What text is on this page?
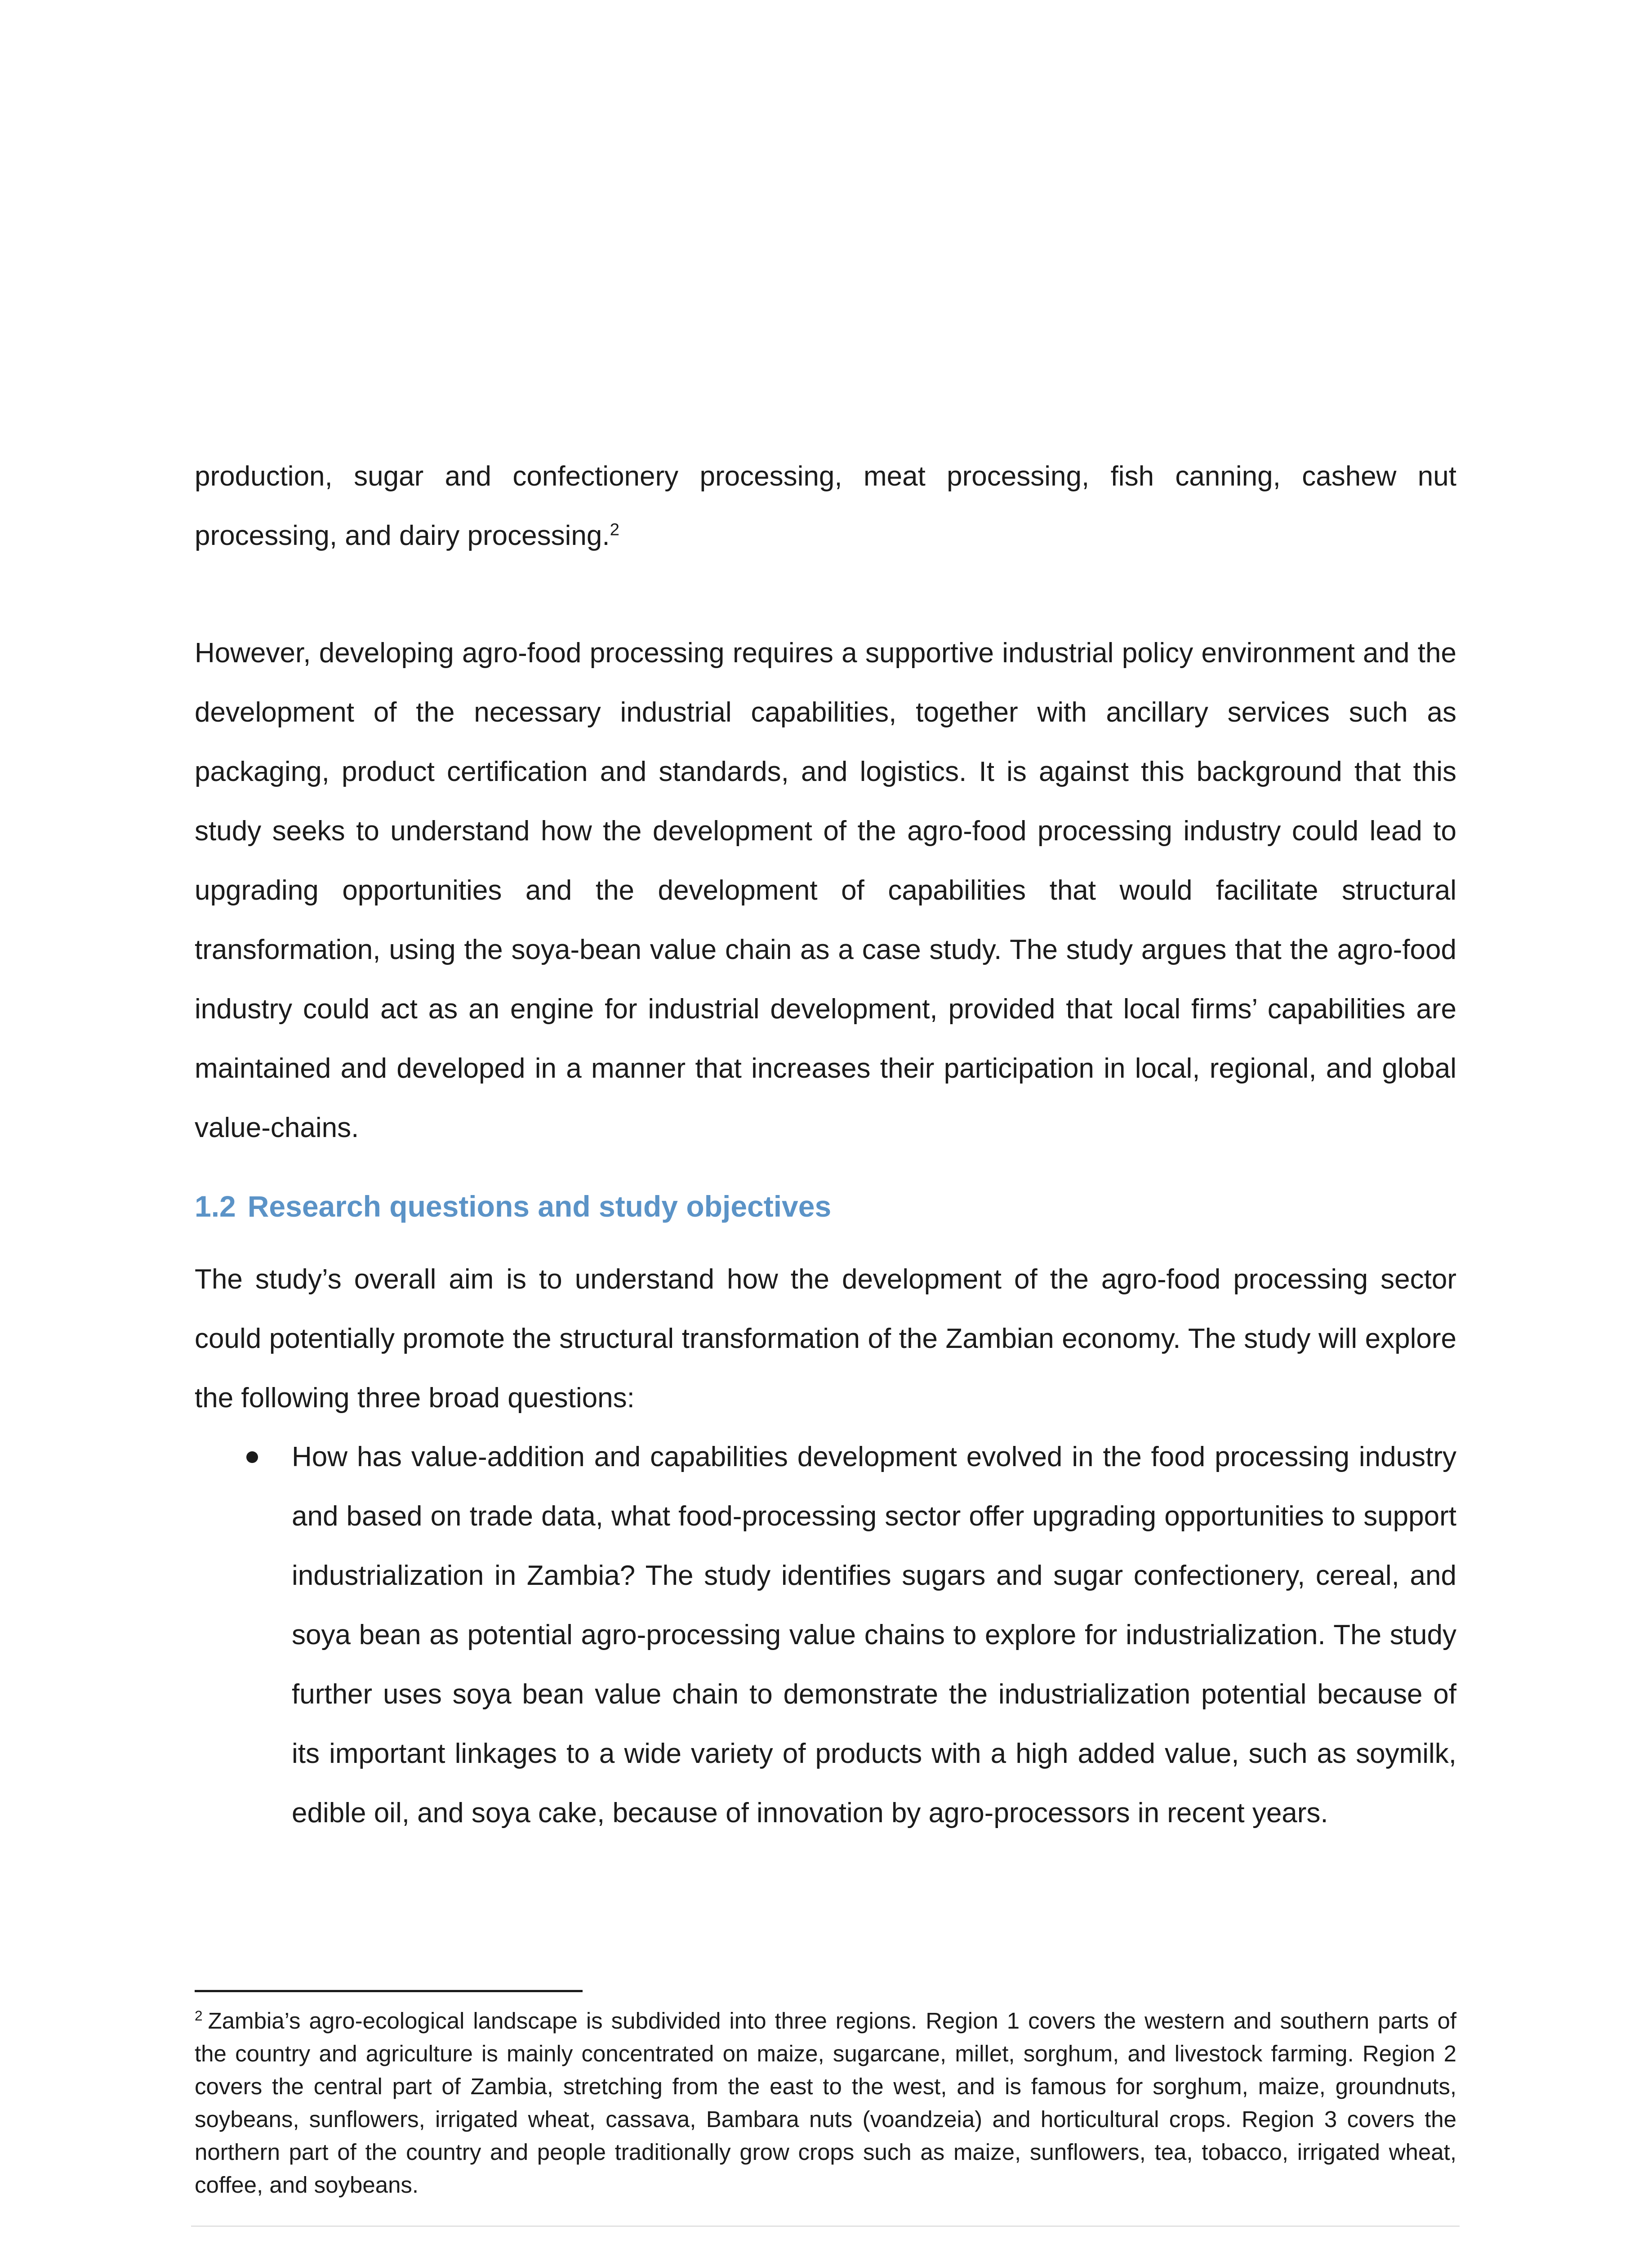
production, sugar and confectionery processing, meat processing, fish canning, cashew nut processing, and dairy processing.$^2$

However, developing agro-food processing requires a supportive industrial policy environment and the development of the necessary industrial capabilities, together with ancillary services such as packaging, product certification and standards, and logistics. It is against this background that this study seeks to understand how the development of the agro-food processing industry could lead to upgrading opportunities and the development of capabilities that would facilitate structural transformation, using the soya-bean value chain as a case study. The study argues that the agro-food industry could act as an engine for industrial development, provided that local firms’ capabilities are maintained and developed in a manner that increases their participation in local, regional, and global value-chains.

1.2 Research questions and study objectives

The study’s overall aim is to understand how the development of the agro-food processing sector could potentially promote the structural transformation of the Zambian economy. The study will explore the following three broad questions:

How has value-addition and capabilities development evolved in the food processing industry and based on trade data, what food-processing sector offer upgrading opportunities to support industrialization in Zambia? The study identifies sugars and sugar confectionery, cereal, and soya bean as potential agro-processing value chains to explore for industrialization. The study further uses soya bean value chain to demonstrate the industrialization potential because of its important linkages to a wide variety of products with a high added value, such as soymilk, edible oil, and soya cake, because of innovation by agro-processors in recent years.

$^2$ Zambia’s agro-ecological landscape is subdivided into three regions. Region 1 covers the western and southern parts of the country and agriculture is mainly concentrated on maize, sugarcane, millet, sorghum, and livestock farming. Region 2 covers the central part of Zambia, stretching from the east to the west, and is famous for sorghum, maize, groundnuts, soybeans, sunflowers, irrigated wheat, cassava, Bambara nuts (voandzeia) and horticultural crops. Region 3 covers the northern part of the country and people traditionally grow crops such as maize, sunflowers, tea, tobacco, irrigated wheat, coffee, and soybeans.
